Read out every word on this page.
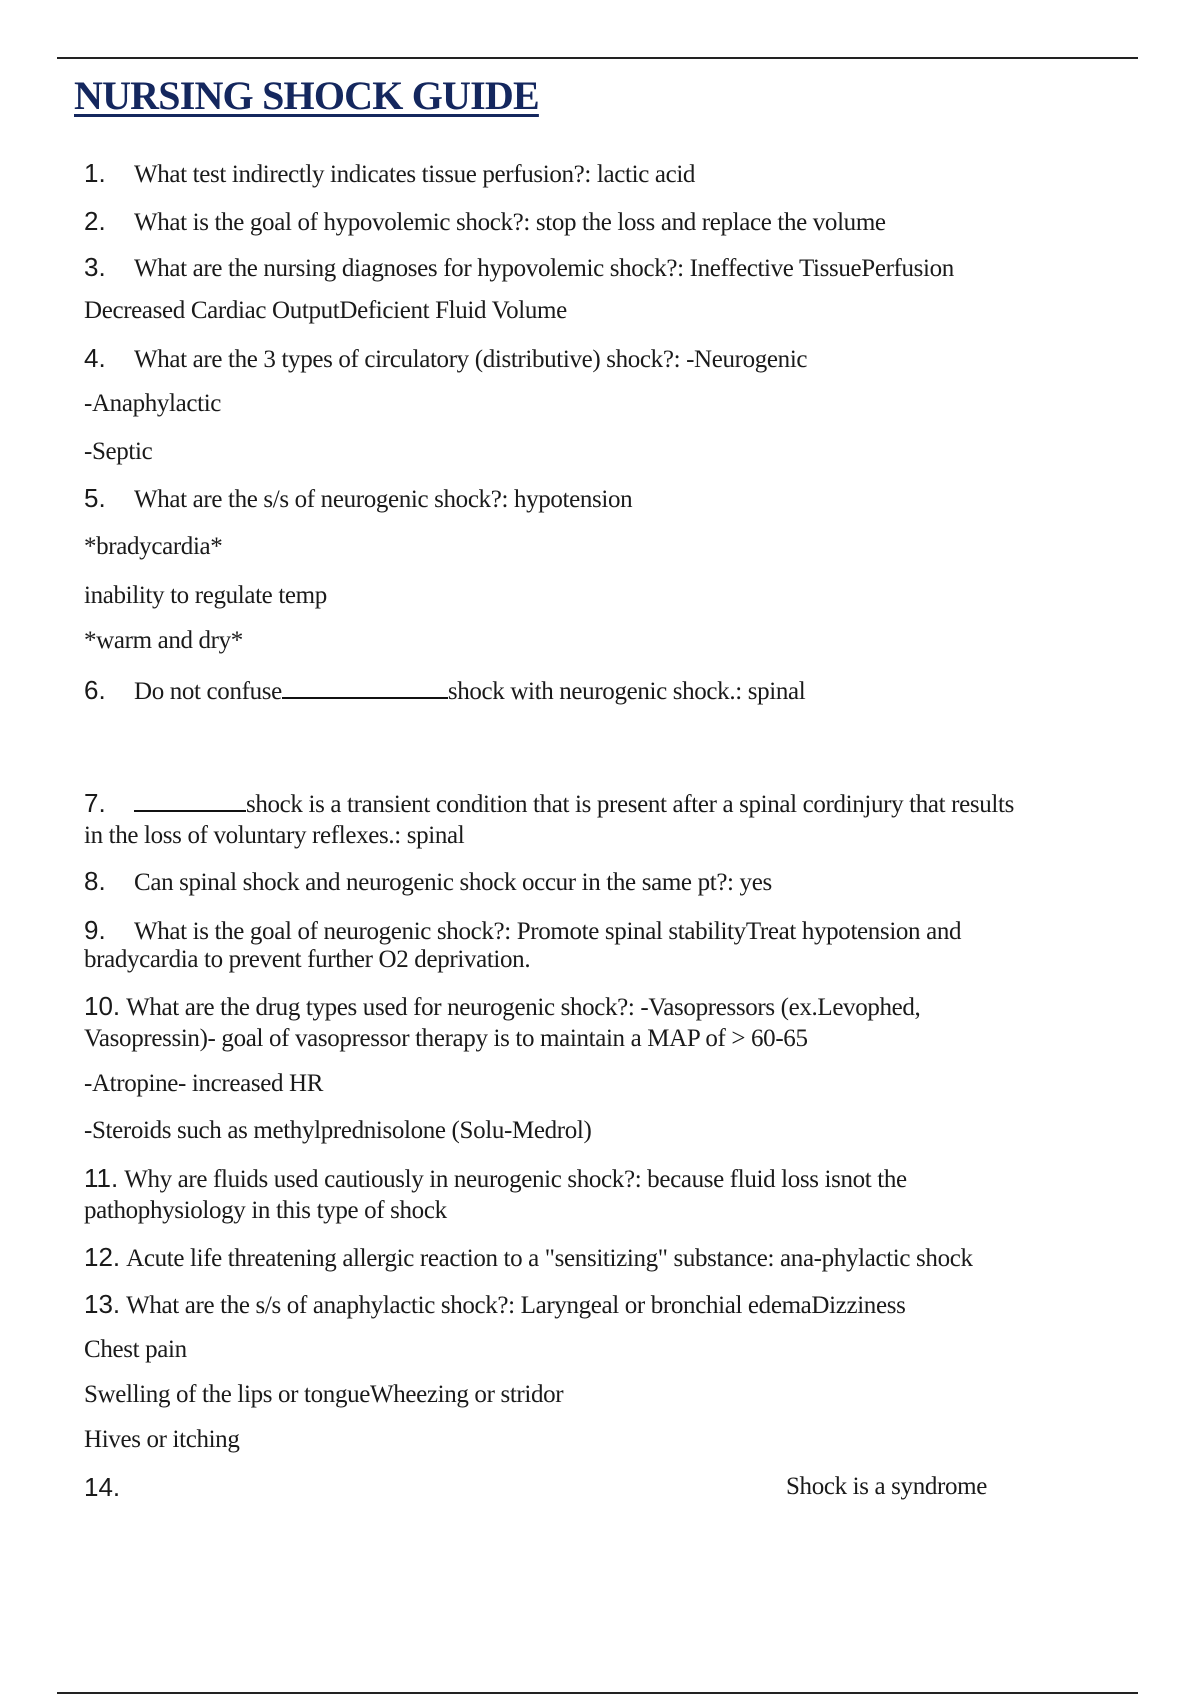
NURSING SHOCK GUIDE
1. What test indirectly indicates tissue perfusion?: lactic acid
2. What is the goal of hypovolemic shock?: stop the loss and replace the volume
3. What are the nursing diagnoses for hypovolemic shock?: Ineffective TissuePerfusion
Decreased Cardiac OutputDeficient Fluid Volume
4. What are the 3 types of circulatory (distributive) shock?: -Neurogenic
-Anaphylactic
-Septic
5. What are the s/s of neurogenic shock?: hypotension
*bradycardia*
inability to regulate temp
*warm and dry*
6. Do not confuse	shock with neurogenic shock.: spinal
7.	shock is a transient condition that is present after a spinal cordinjury that results
in the loss of voluntary reflexes.: spinal
8. Can spinal shock and neurogenic shock occur in the same pt?: yes
9. What is the goal of neurogenic shock?: Promote spinal stabilityTreat hypotension and
bradycardia to prevent further O2 deprivation.
10. What are the drug types used for neurogenic shock?: -Vasopressors (ex.Levophed,
Vasopressin)- goal of vasopressor therapy is to maintain a MAP of > 60-65
-Atropine- increased HR
-Steroids such as methylprednisolone (Solu-Medrol)
11. Why are fluids used cautiously in neurogenic shock?: because fluid loss isnot the
pathophysiology in this type of shock
12. Acute life threatening allergic reaction to a "sensitizing" substance: ana-phylactic shock
13. What are the s/s of anaphylactic shock?: Laryngeal or bronchial edemaDizziness
Chest pain
Swelling of the lips or tongueWheezing or stridor
Hives or itching
14.	Shock is a syndrome
